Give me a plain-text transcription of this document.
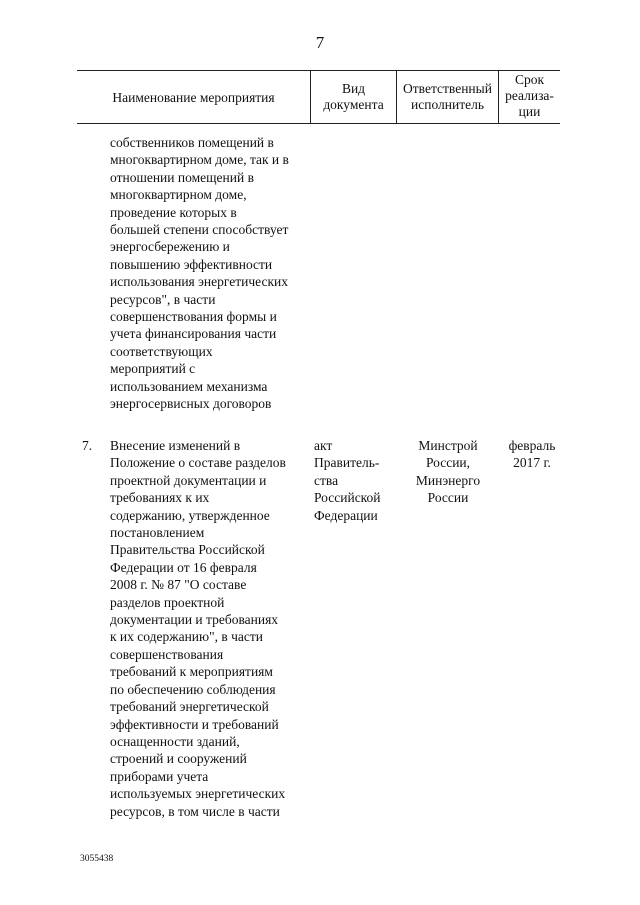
7
Наименование мероприятия
Вид
документа
Ответственный
исполнитель
Срок
реализа-
ции
собственников помещений в
многоквартирном доме, так и в
отношении помещений в
многоквартирном доме,
проведение которых в
большей степени способствует
энергосбережению и
повышению эффективности
использования энергетических
ресурсов", в части
совершенствования формы и
учета финансирования части
соответствующих
мероприятий с
использованием механизма
энергосервисных договоров
7. Внесение изменений в
Положение о составе разделов
проектной документации и
требованиях к их
содержанию, утвержденное
постановлением
Правительства Российской
Федерации от 16 февраля
2008 г. № 87 "О составе
разделов проектной
документации и требованиях
к их содержанию", в части
совершенствования
требований к мероприятиям
по обеспечению соблюдения
требований энергетической
эффективности и требований
оснащенности зданий,
строений и сооружений
приборами учета
используемых энергетических
ресурсов, в том числе в части
акт
Правитель-
ства
Российской
Федерации
Минстрой
России,
Минэнерго
России
февраль
2017 г.
3055438
